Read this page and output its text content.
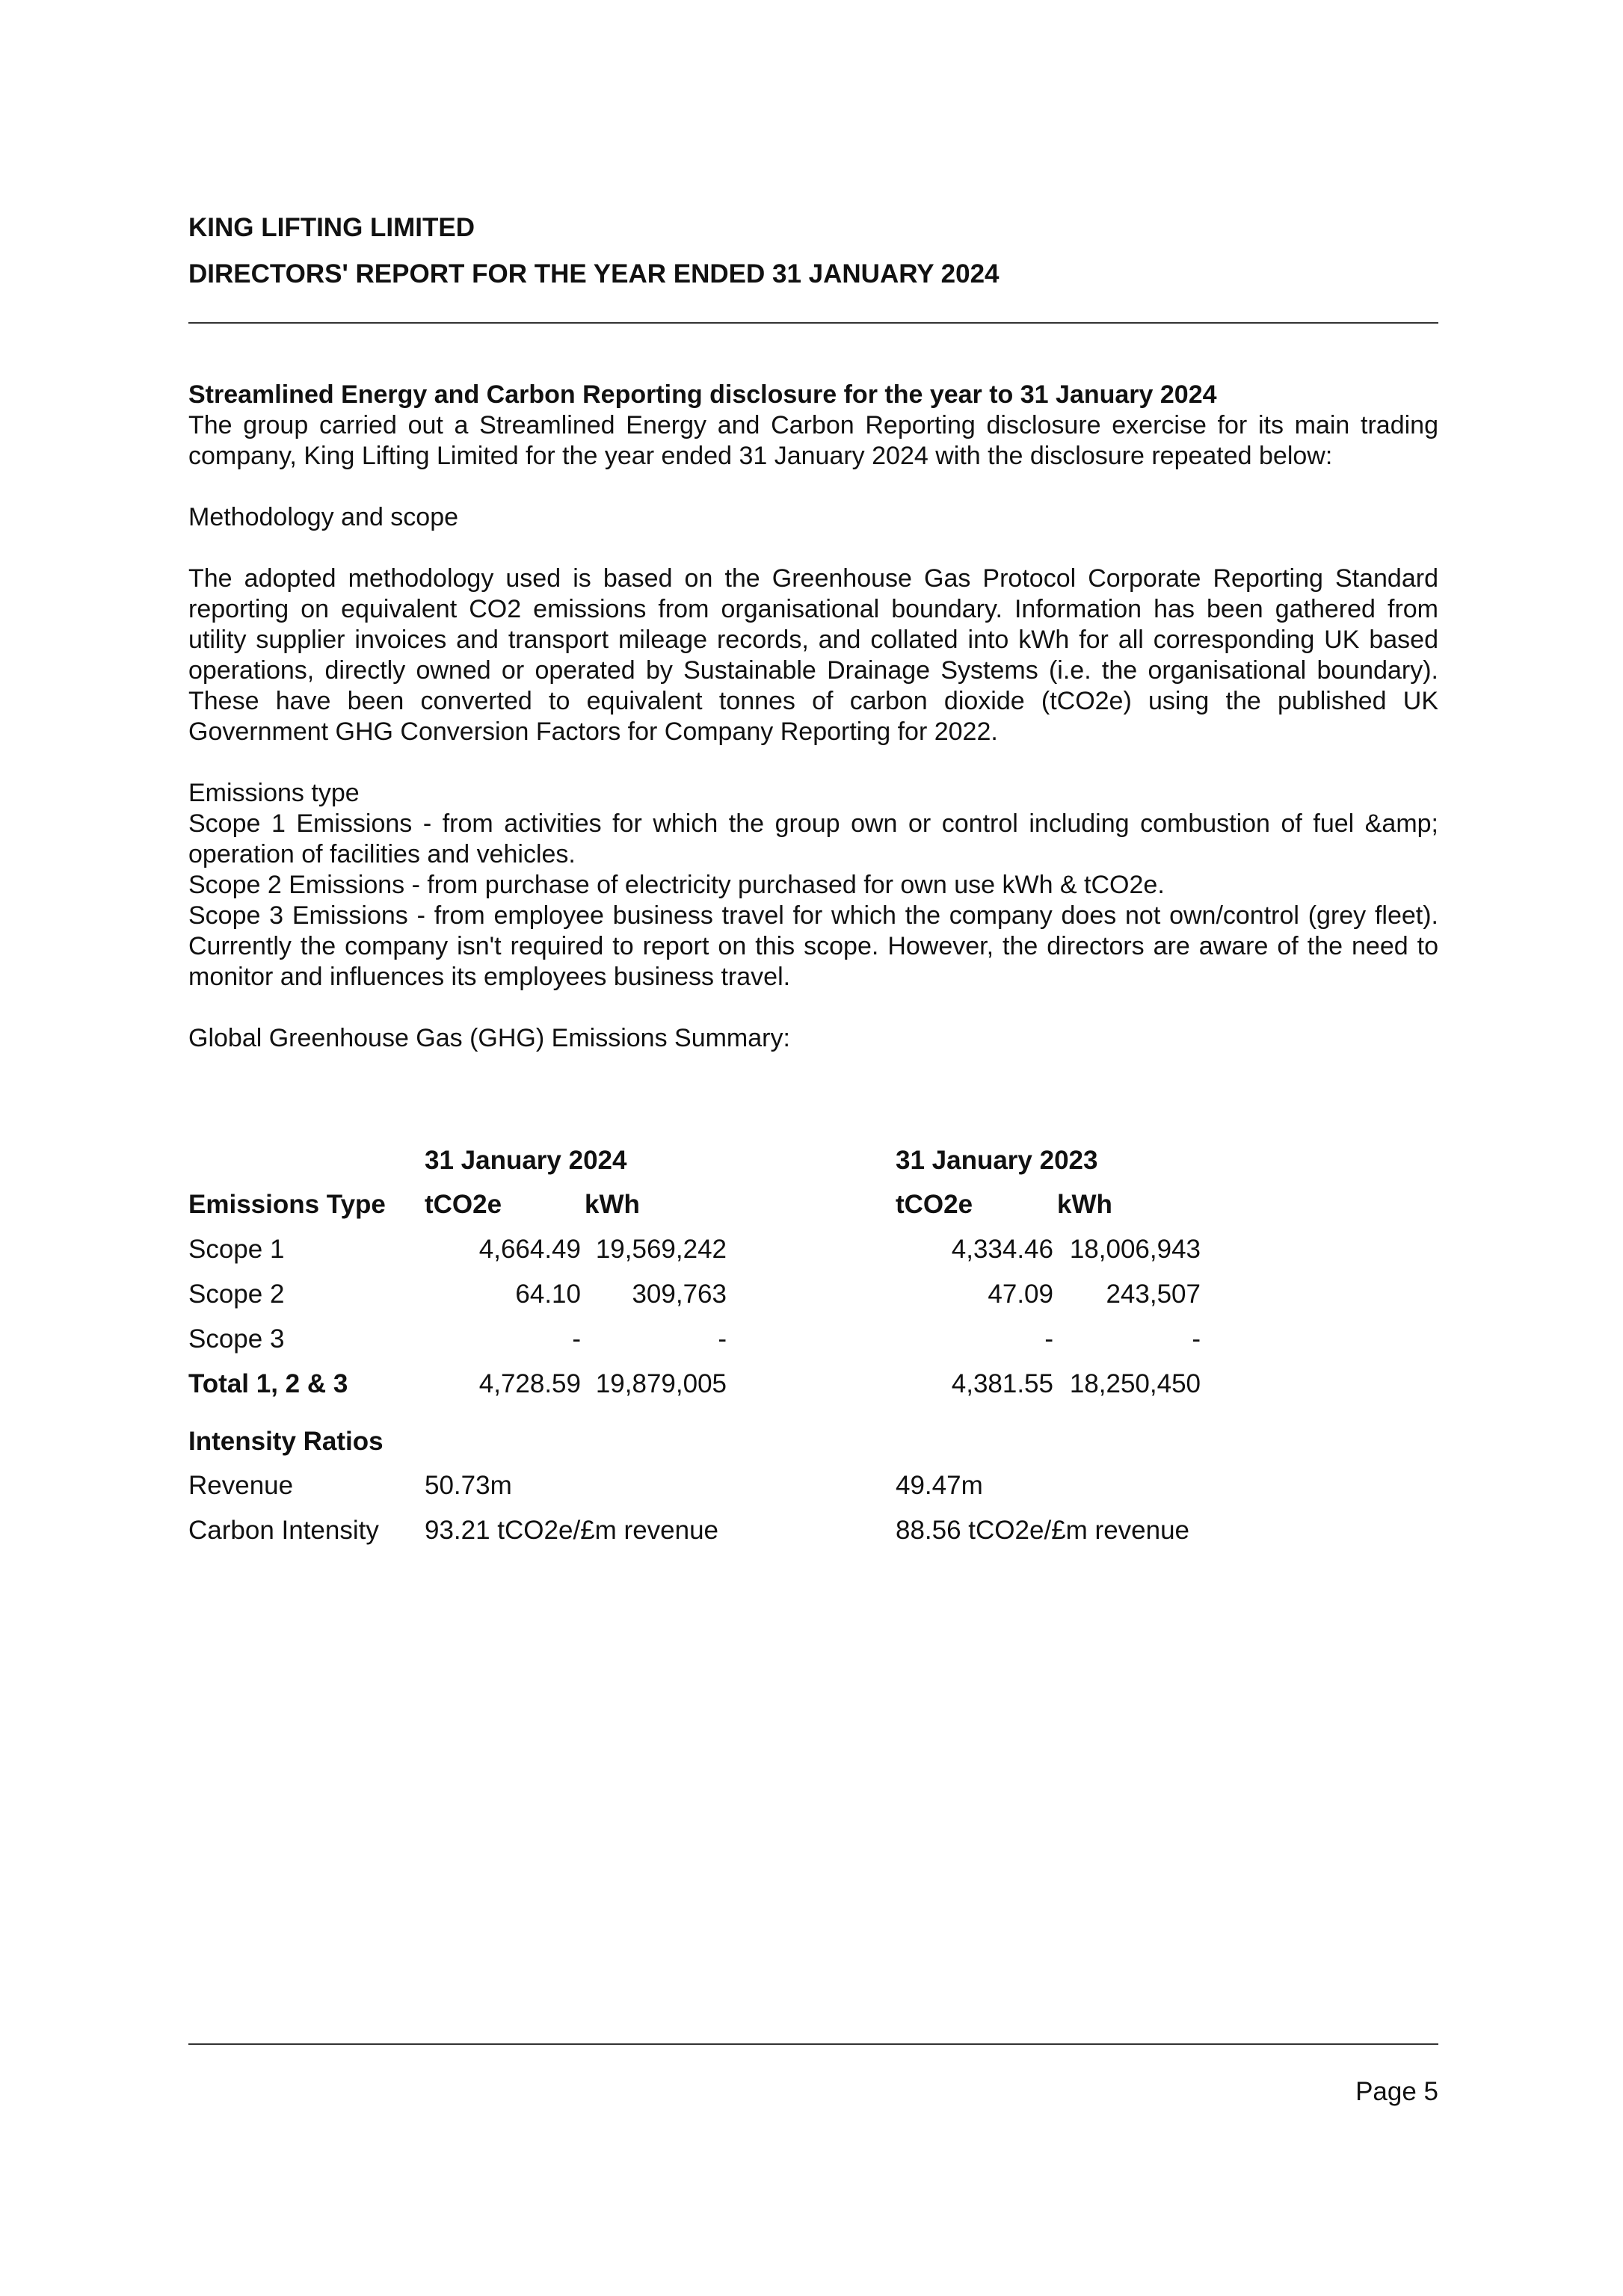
KING LIFTING LIMITED
DIRECTORS' REPORT FOR THE YEAR ENDED 31 JANUARY 2024

Streamlined Energy and Carbon Reporting disclosure for the year to 31 January 2024

The group carried out a Streamlined Energy and Carbon Reporting disclosure exercise for its main trading company, King Lifting Limited for the year ended 31 January 2024 with the disclosure repeated below:

Methodology and scope

The adopted methodology used is based on the Greenhouse Gas Protocol Corporate Reporting Standard reporting on equivalent CO2 emissions from organisational boundary. Information has been gathered from utility supplier invoices and transport mileage records, and collated into kWh for all corresponding UK based operations, directly owned or operated by Sustainable Drainage Systems (i.e. the organisational boundary). These have been converted to equivalent tonnes of carbon dioxide (tCO2e) using the published UK Government GHG Conversion Factors for Company Reporting for 2022.

Emissions type

Scope 1 Emissions - from activities for which the group own or control including combustion of fuel &amp; operation of facilities and vehicles.

Scope 2 Emissions - from purchase of electricity purchased for own use kWh & tCO2e.

Scope 3 Emissions - from employee business travel for which the company does not own/control (grey fleet). Currently the company isn't required to report on this scope. However, the directors are aware of the need to monitor and influences its employees business travel.

Global Greenhouse Gas (GHG) Emissions Summary:

31 January 2024	31 January 2023
Emissions Type tCO2e	kWh	tCO2e	kWh
Scope 1	4,664.49 19,569,242	4,334.46 18,006,943
Scope 2	64.10	309,763	47.09	243,507
Scope 3	-	-	-	-
Total 1, 2 & 3	4,728.59 19,879,005	4,381.55 18,250,450
Intensity Ratios
Revenue	50.73m	49.47m
Carbon Intensity 93.21 tCO2e/£m revenue	88.56 tCO2e/£m revenue
Page 5
